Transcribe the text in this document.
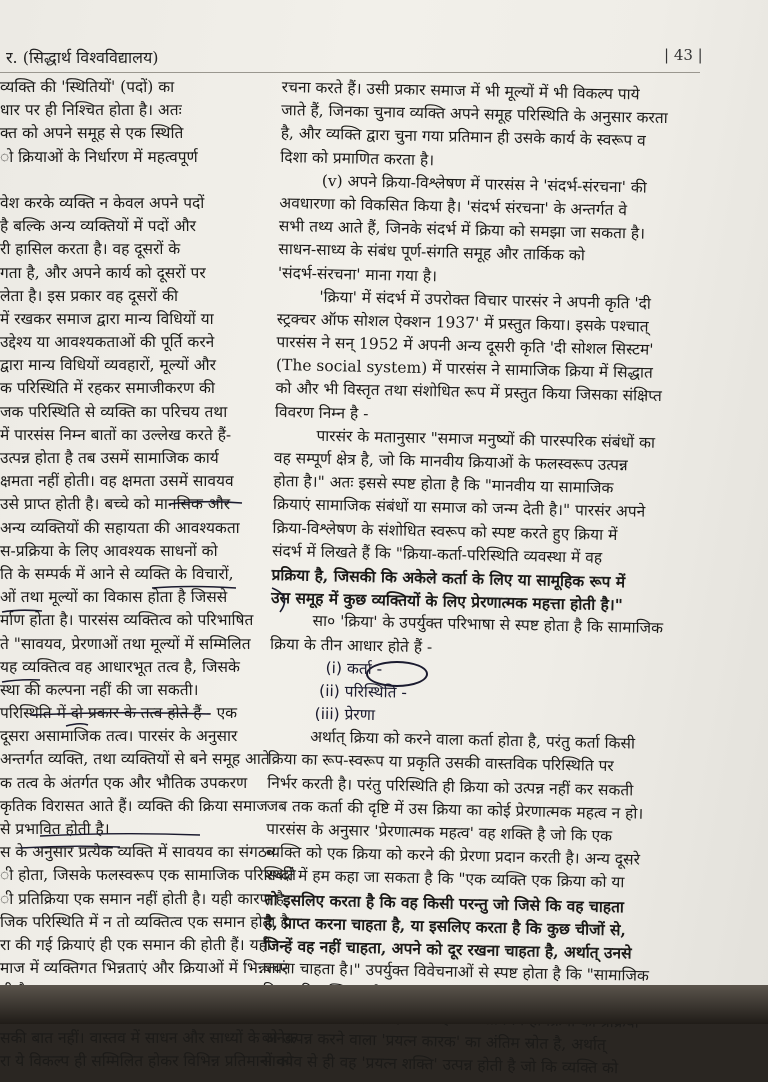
र. (सिद्धार्थ विश्वविद्यालय)	| 43 |
व्यक्ति की 'स्थितियों' (पदों) का
धार पर ही निश्चित होता है। अतः
क्त को अपने समूह से एक स्थिति
ो क्रियाओं के निर्धारण में महत्वपूर्ण
वेश करके व्यक्ति न केवल अपने पदों
है बल्कि अन्य व्यक्तियों में पदों और
री हासिल करता है। वह दूसरों के
गता है, और अपने कार्य को दूसरों पर
लेता है। इस प्रकार वह दूसरों की
में रखकर समाज द्वारा मान्य विधियों या
उद्देश्य या आवश्यकताओं की पूर्ति करने
द्वारा मान्य विधियों व्यवहारों, मूल्यों और
क परिस्थिति में रहकर समाजीकरण की
जक परिस्थिति से व्यक्ति का परिचय तथा
में पारसंस निम्न बातों का उल्लेख करते हैं-
उत्पन्न होता है तब उसमें सामाजिक कार्य
क्षमता नहीं होती। वह क्षमता उसमें सावयव
उसे प्राप्त होती है। बच्चे को मानसिक और
अन्य व्यक्तियों की सहायता की आवश्यकता
स-प्रक्रिया के लिए आवश्यक साधनों को
ति के सम्पर्क में आने से व्यक्ति के विचारों,
ओं तथा मूल्यों का विकास होता है जिससे
र्माण होता है। पारसंस व्यक्तित्व को परिभाषित
ते "सावयव, प्रेरणाओं तथा मूल्यों में सम्मिलित
यह व्यक्तित्व वह आधारभूत तत्व है, जिसके
स्था की कल्पना नहीं की जा सकती।
परिस्थिति में दो प्रकार के तत्व होते हैं - एक
दूसरा असामाजिक तत्व। पारसंर के अनुसार
अन्तर्गत व्यक्ति, तथा व्यक्तियों से बने समूह आते
क तत्व के अंतर्गत एक और भौतिक उपकरण
कृतिक विरासत आते हैं। व्यक्ति की क्रिया समाज
से प्रभावित होती है।
स के अनुसार प्रत्येक व्यक्ति में सावयव का संगठन
ी होता, जिसके फलस्वरूप एक सामाजिक परिस्थिति
ी प्रतिक्रिया एक समान नहीं होती है। यही कारण है
जिक परिस्थिति में न तो व्यक्तित्व एक समान होता है
रा की गई क्रियाएं ही एक समान की होती हैं। यही
माज में व्यक्तिगत भिन्नताएं और क्रियाओं में भिन्नताएं
सकी बात नहीं। वास्तव में साधन और साध्यों के अनेक
रा ये विकल्प ही सम्मिलित होकर विभिन्न प्रतिमानों को
रचना करते हैं। उसी प्रकार समाज में भी मूल्यों में भी विकल्प पाये
जाते हैं, जिनका चुनाव व्यक्ति अपने समूह परिस्थिति के अनुसार करता
है, और व्यक्ति द्वारा चुना गया प्रतिमान ही उसके कार्य के स्वरूप व
दिशा को प्रमाणित करता है।
(v) अपने क्रिया-विश्लेषण में पारसंस ने 'संदर्भ-संरचना' की
अवधारणा को विकसित किया है। 'संदर्भ संरचना' के अन्तर्गत वे
सभी तथ्य आते हैं, जिनके संदर्भ में क्रिया को समझा जा सकता है।
साधन-साध्य के संबंध पूर्ण-संगति समूह और तार्किक को
'संदर्भ-संरचना' माना गया है।
'क्रिया' में संदर्भ में उपरोक्त विचार पारसंर ने अपनी कृति 'दी
स्ट्रक्चर ऑफ सोशल ऐक्शन 1937' में प्रस्तुत किया। इसके पश्चात्
पारसंस ने सन् 1952 में अपनी अन्य दूसरी कृति 'दी सोशल सिस्टम'
(The social system) में पारसंस ने सामाजिक क्रिया में सिद्धात
को और भी विस्तृत तथा संशोधित रूप में प्रस्तुत किया जिसका संक्षिप्त
विवरण निम्न है -
पारसंर के मतानुसार "समाज मनुष्यों की पारस्परिक संबंधों का
वह सम्पूर्ण क्षेत्र है, जो कि मानवीय क्रियाओं के फलस्वरूप उत्पन्न
होता है।" अतः इससे स्पष्ट होता है कि "मानवीय या सामाजिक
क्रियाएं सामाजिक संबंधों या समाज को जन्म देती है।" पारसंर अपने
क्रिया-विश्लेषण के संशोधित स्वरूप को स्पष्ट करते हुए क्रिया में
संदर्भ में लिखते हैं कि "क्रिया-कर्ता-परिस्थिति व्यवस्था में वह
प्रक्रिया है, जिसकी कि अकेले कर्ता के लिए या सामूहिक रूप में
उस समूह में कुछ व्यक्तियों के लिए प्रेरणात्मक महत्ता होती है।"
सा० 'क्रिया' के उपर्युक्त परिभाषा से स्पष्ट होता है कि सामाजिक
क्रिया के तीन आधार होते हैं -
(i) कर्ता -
(ii) परिस्थिति -
(iii) प्रेरणा
अर्थात् क्रिया को करने वाला कर्ता होता है, परंतु कर्ता किसी
क्रिया का रूप-स्वरूप या प्रकृति उसकी वास्तविक परिस्थिति पर
निर्भर करती है। परंतु परिस्थिति ही क्रिया को उत्पन्न नहीं कर सकती
जब तक कर्ता की दृष्टि में उस क्रिया का कोई प्रेरणात्मक महत्व न हो।
पारसंस के अनुसार 'प्रेरणात्मक महत्व' वह शक्ति है जो कि एक
व्यक्ति को एक क्रिया को करने की प्रेरणा प्रदान करती है। अन्य दूसरे
शब्दों में हम कहा जा सकता है कि "एक व्यक्ति एक क्रिया को या
तो इसलिए करता है कि वह किसी परन्तु जो जिसे कि वह चाहता
है, प्राप्त करना चाहता है, या इसलिए करता है कि कुछ चीजों से,
जिन्हें वह नहीं चाहता, अपने को दूर रखना चाहता है, अर्थात् उनसे
बचना चाहता है।" उपर्युक्त विवेचनाओं से स्पष्ट होता है कि "सामाजिक
को उत्पन्न करने वाला 'प्रयत्न कारक' का अंतिम स्रोत है, अर्थात्
सावयव से ही वह 'प्रयत्न शक्ति' उत्पन्न होती है जो कि व्यक्ति को
